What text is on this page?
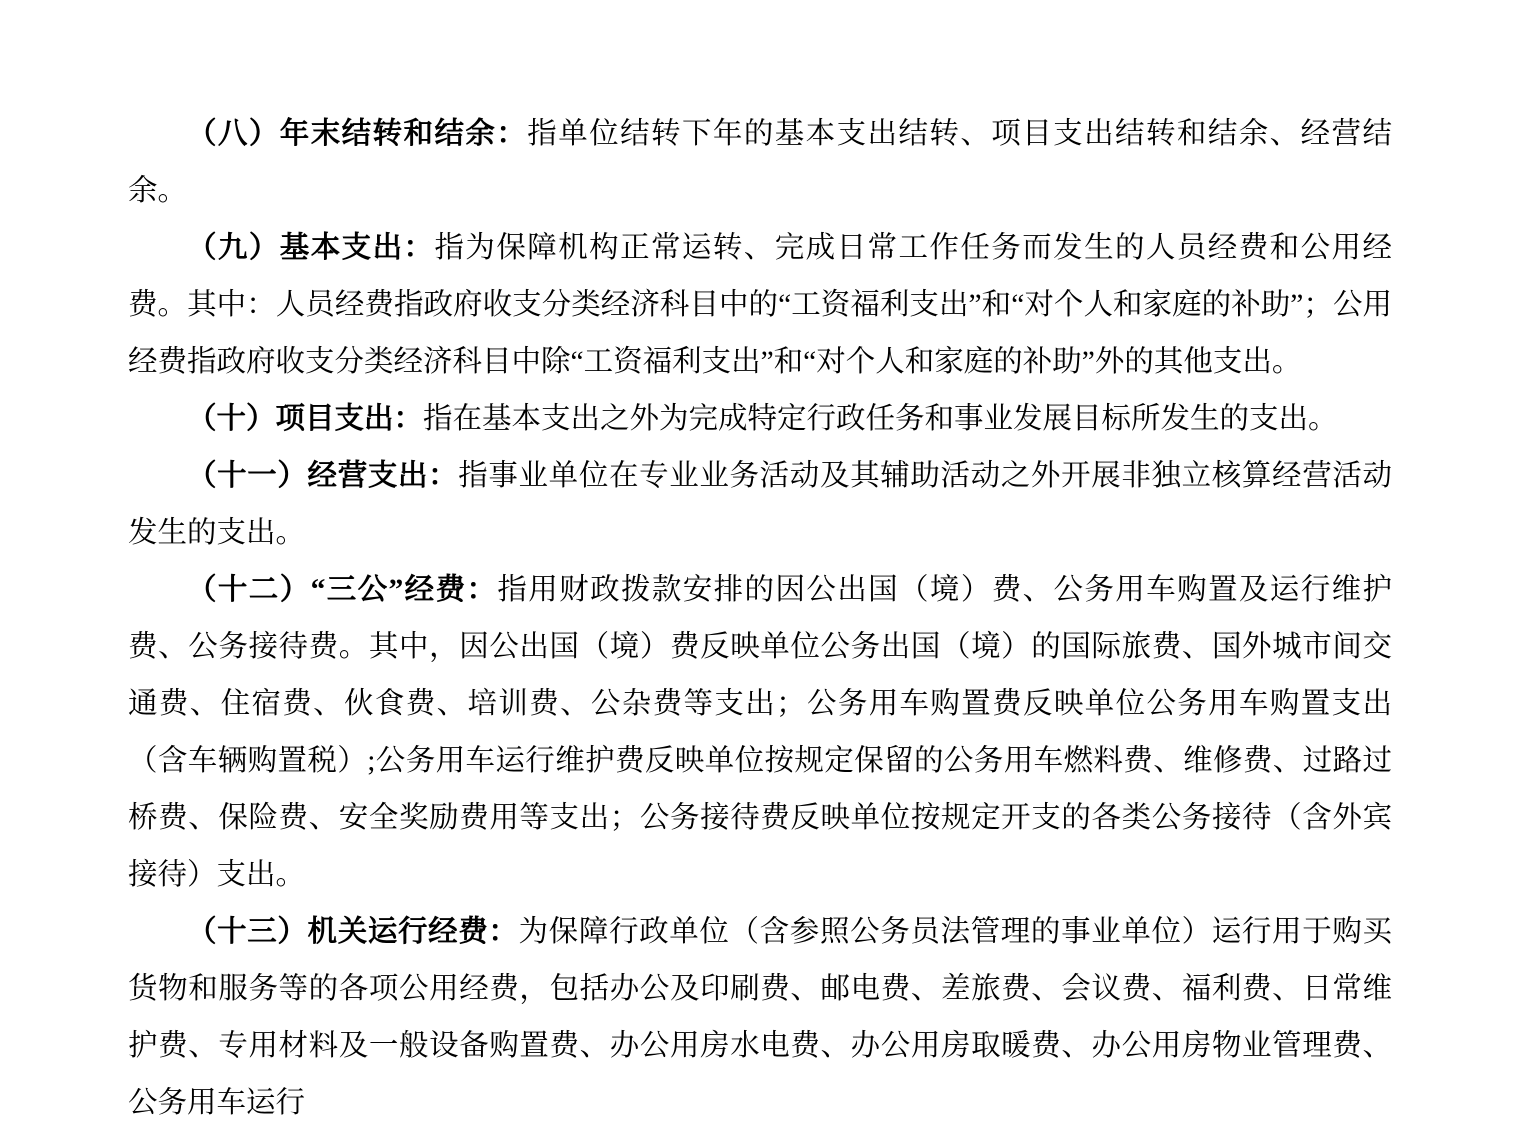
（八）年末结转和结余：指单位结转下年的基本支出结转、项目支出结转和结余、经营结余。

（九）基本支出：指为保障机构正常运转、完成日常工作任务而发生的人员经费和公用经费。其中：人员经费指政府收支分类经济科目中的“工资福利支出”和“对个人和家庭的补助”；公用经费指政府收支分类经济科目中除“工资福利支出”和“对个人和家庭的补助”外的其他支出。

（十）项目支出：指在基本支出之外为完成特定行政任务和事业发展目标所发生的支出。

（十一）经营支出：指事业单位在专业业务活动及其辅助活动之外开展非独立核算经营活动发生的支出。

（十二）“三公”经费：指用财政拨款安排的因公出国（境）费、公务用车购置及运行维护费、公务接待费。其中，因公出国（境）费反映单位公务出国（境）的国际旅费、国外城市间交通费、住宿费、伙食费、培训费、公杂费等支出；公务用车购置费反映单位公务用车购置支出（含车辆购置税）;公务用车运行维护费反映单位按规定保留的公务用车燃料费、维修费、过路过桥费、保险费、安全奖励费用等支出；公务接待费反映单位按规定开支的各类公务接待（含外宾接待）支出。

（十三）机关运行经费：为保障行政单位（含参照公务员法管理的事业单位）运行用于购买货物和服务等的各项公用经费，包括办公及印刷费、邮电费、差旅费、会议费、福利费、日常维护费、专用材料及一般设备购置费、办公用房水电费、办公用房取暖费、办公用房物业管理费、公务用车运行
